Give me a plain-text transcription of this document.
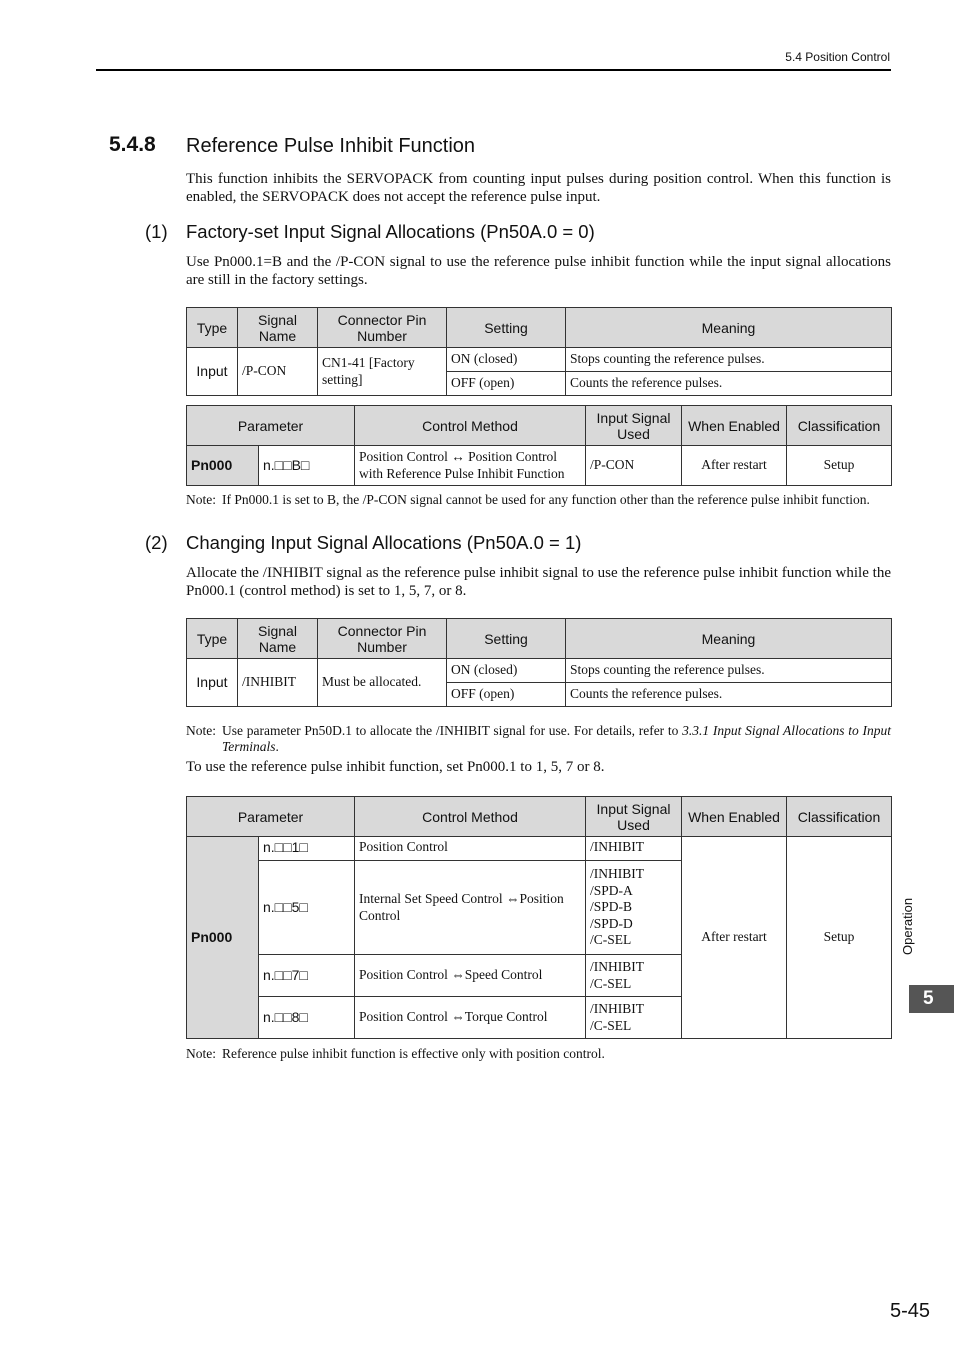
5.4 Position Control
5.4.8 Reference Pulse Inhibit Function
This function inhibits the SERVOPACK from counting input pulses during position control. When this function is enabled, the SERVOPACK does not accept the reference pulse input.
(1) Factory-set Input Signal Allocations (Pn50A.0 = 0)
Use Pn000.1=B and the /P-CON signal to use the reference pulse inhibit function while the input signal allocations are still in the factory settings.
Type	Signal Name	Connector Pin Number	Setting	Meaning
Input	/P-CON	CN1-41 [Factory setting]	ON (closed)	Stops counting the reference pulses.
			OFF (open)	Counts the reference pulses.
Parameter		Control Method	Input Signal Used	When Enabled	Classification
Pn000	n.□□B□	Position Control ↔ Position Control with Reference Pulse Inhibit Function	/P-CON	After restart	Setup
Note: If Pn000.1 is set to B, the /P-CON signal cannot be used for any function other than the reference pulse inhibit function.
(2) Changing Input Signal Allocations (Pn50A.0 = 1)
Allocate the /INHIBIT signal as the reference pulse inhibit signal to use the reference pulse inhibit function while the Pn000.1 (control method) is set to 1, 5, 7, or 8.
Type	Signal Name	Connector Pin Number	Setting	Meaning
Input	/INHIBIT	Must be allocated.	ON (closed)	Stops counting the reference pulses.
			OFF (open)	Counts the reference pulses.
Note: Use parameter Pn50D.1 to allocate the /INHIBIT signal for use. For details, refer to 3.3.1 Input Signal Allocations to Input Terminals.
To use the reference pulse inhibit function, set Pn000.1 to 1, 5, 7 or 8.
Parameter		Control Method	Input Signal Used	When Enabled	Classification
Pn000	n.□□1□	Position Control	/INHIBIT	After restart	Setup
	n.□□5□	Internal Set Speed Control ⇔Position Control	/INHIBIT
/SPD-A
/SPD-B
/SPD-D
/C-SEL		

	n.□□7□	Position Control ⇔Speed Control	/INHIBIT
/C-SEL		

	n.□□8□	Position Control ⇔Torque Control	/INHIBIT
/C-SEL		
Note: Reference pulse inhibit function is effective only with position control.
Operation
5
5-45
